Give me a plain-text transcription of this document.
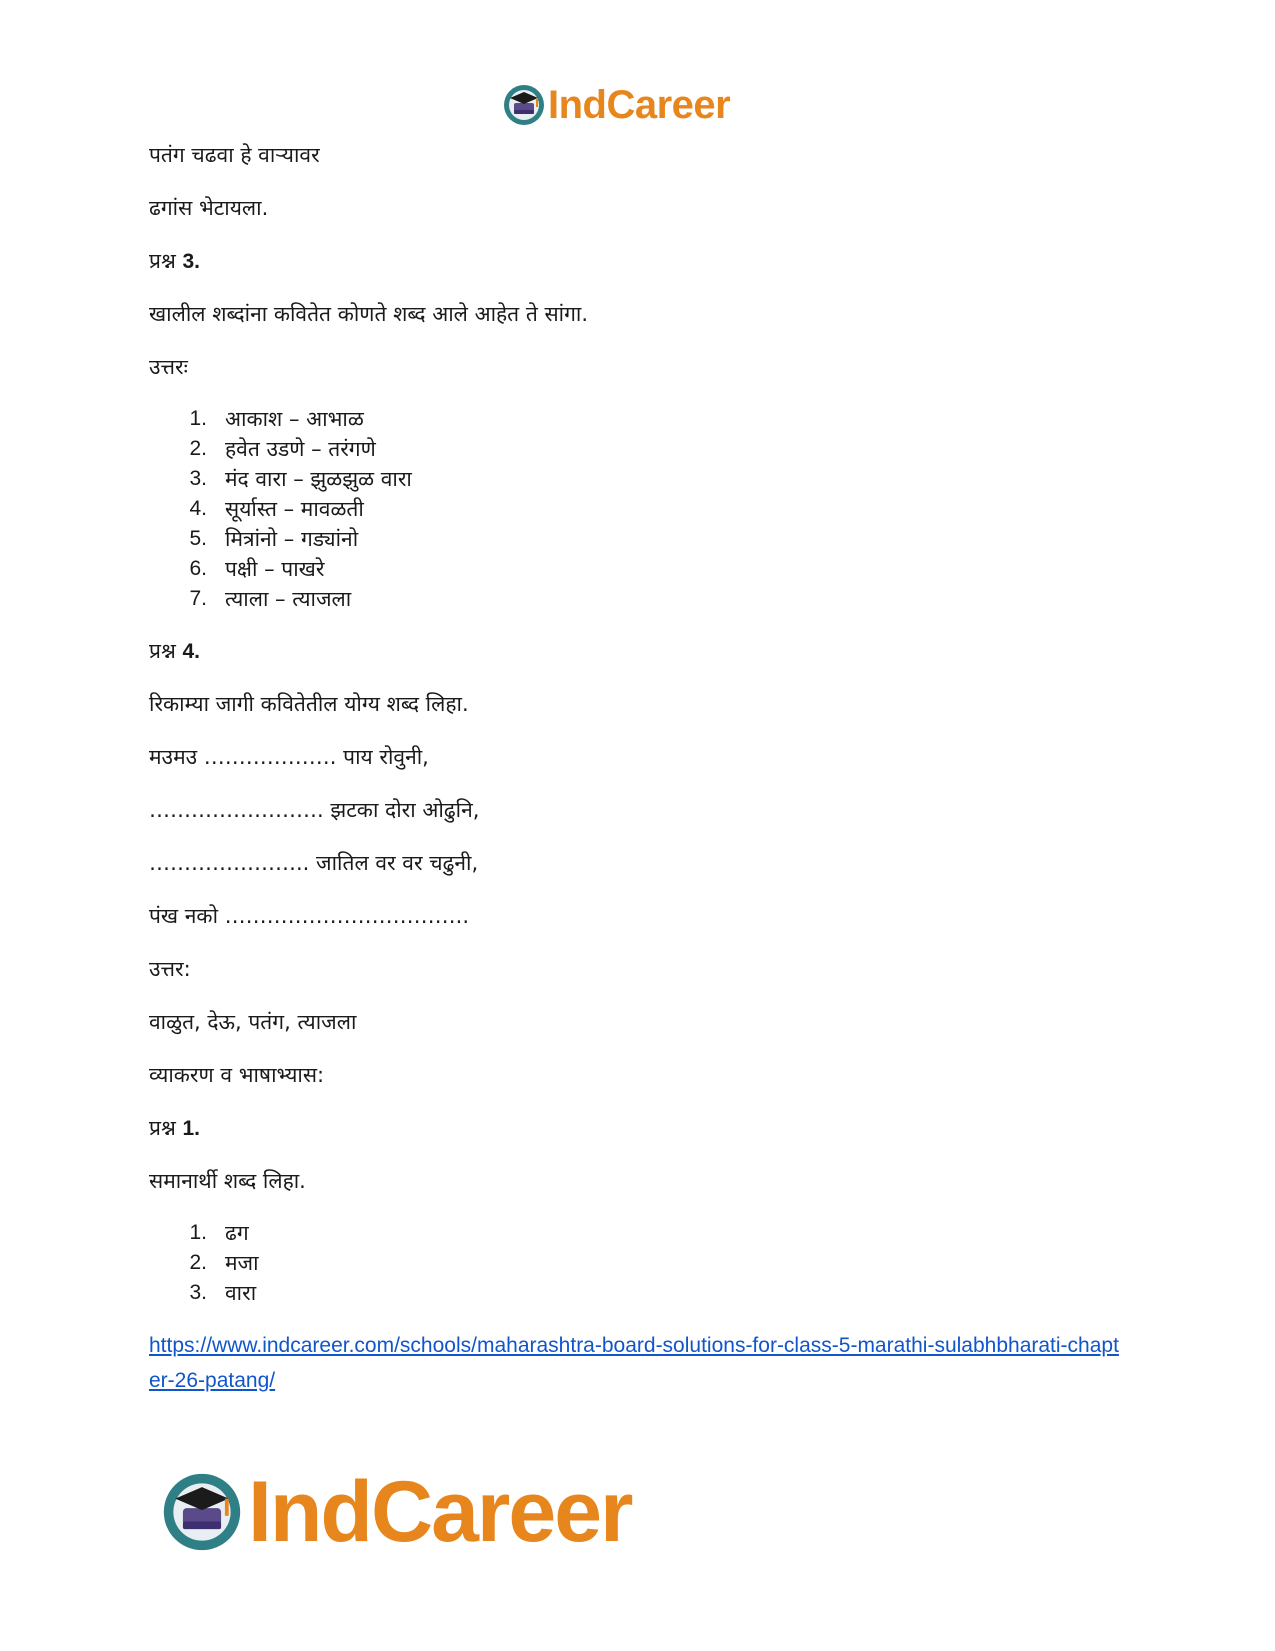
IndCareer

पतंग चढवा हे वाऱ्यावर

ढगांस भेटायला.

प्रश्न 3.

खालील शब्दांना कवितेत कोणते शब्द आले आहेत ते सांगा.

उत्तरः

1 .	आकाश – आभाळ
2 .	हवेत उडणे – तरंगणे
3 .	मंद वारा – झुळझुळ वारा
4 .	सूर्यास्त – मावळती
5 .	मित्रांनो – गड्यांनो
6 .	पक्षी – पाखरे
7 .	त्याला – त्याजला

प्रश्न 4.

रिकाम्या जागी कवितेतील योग्य शब्द लिहा.

मउमउ ………………. पाय रोवुनी,

……………………. झटका दोरा ओढुनि,

………………….. जातिल वर वर चढुनी,

पंख नको ……………………………..

उत्तर:

वाळुत, देऊ, पतंग, त्याजला

व्याकरण व भाषाभ्यास:

प्रश्न 1.

समानार्थी शब्द लिहा.

1 .	ढग
2 .	मजा
3 .	वारा
https://www.indcareer.com/schools/maharashtra-board-solutions-for-class-5-marathi-sulabhbharati-chapter-26-patang/
IndCareer
